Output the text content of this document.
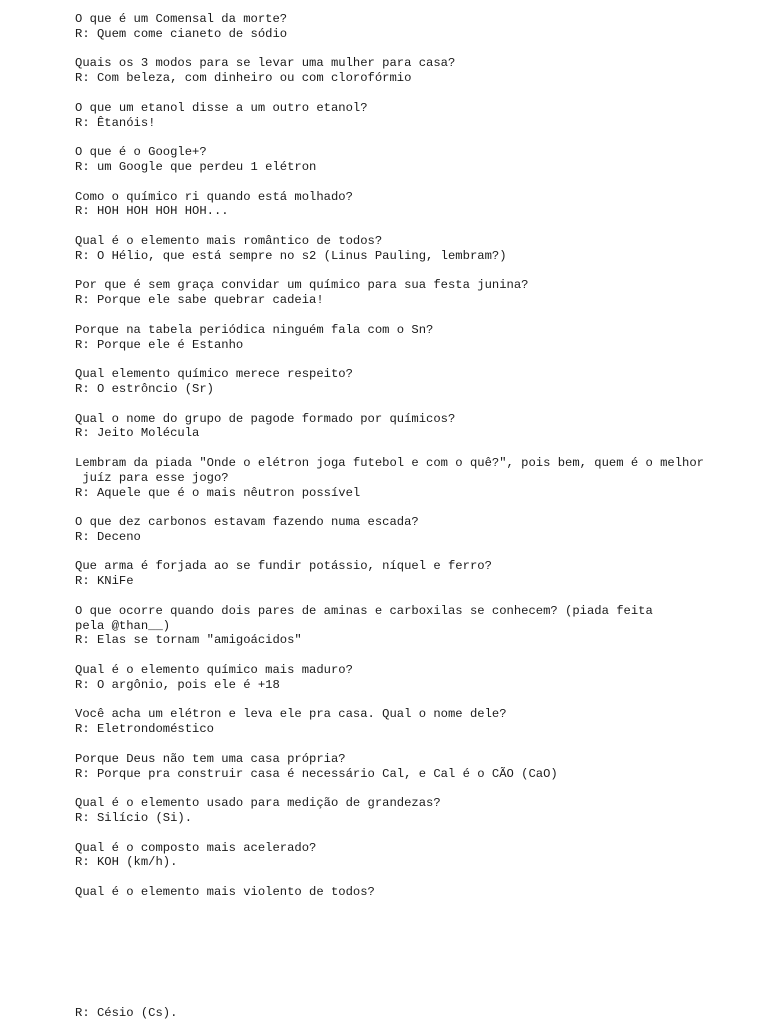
O que é um Comensal da morte?
R: Quem come cianeto de sódio
Quais os 3 modos para se levar uma mulher para casa?
R: Com beleza, com dinheiro ou com clorofórmio
O que um etanol disse a um outro etanol?
R: Êtanóis!
O que é o Google+?
R: um Google que perdeu 1 elétron
Como o químico ri quando está molhado?
R: HOH HOH HOH HOH...
Qual é o elemento mais romântico de todos?
R: O Hélio, que está sempre no s2 (Linus Pauling, lembram?)
Por que é sem graça convidar um químico para sua festa junina?
R: Porque ele sabe quebrar cadeia!
Porque na tabela periódica ninguém fala com o Sn?
R: Porque ele é Estanho
Qual elemento químico merece respeito?
R: O estrôncio (Sr)
Qual o nome do grupo de pagode formado por químicos?
R: Jeito Molécula
Lembram da piada "Onde o elétron joga futebol e com o quê?", pois bem, quem é o melhor
juíz para esse jogo?
R: Aquele que é o mais nêutron possível
O que dez carbonos estavam fazendo numa escada?
R: Deceno
Que arma é forjada ao se fundir potássio, níquel e ferro?
R: KNiFe
O que ocorre quando dois pares de aminas e carboxilas se conhecem? (piada feita
pela @than__)
R: Elas se tornam "amigoácidos"
Qual é o elemento químico mais maduro?
R: O argônio, pois ele é +18
Você acha um elétron e leva ele pra casa. Qual o nome dele?
R: Eletrondoméstico
Porque Deus não tem uma casa própria?
R: Porque pra construir casa é necessário Cal, e Cal é o CÃO (CaO)
Qual é o elemento usado para medição de grandezas?
R: Silício (Si).
Qual é o composto mais acelerado?
R: KOH (km/h).
Qual é o elemento mais violento de todos?
R: Césio (Cs).
